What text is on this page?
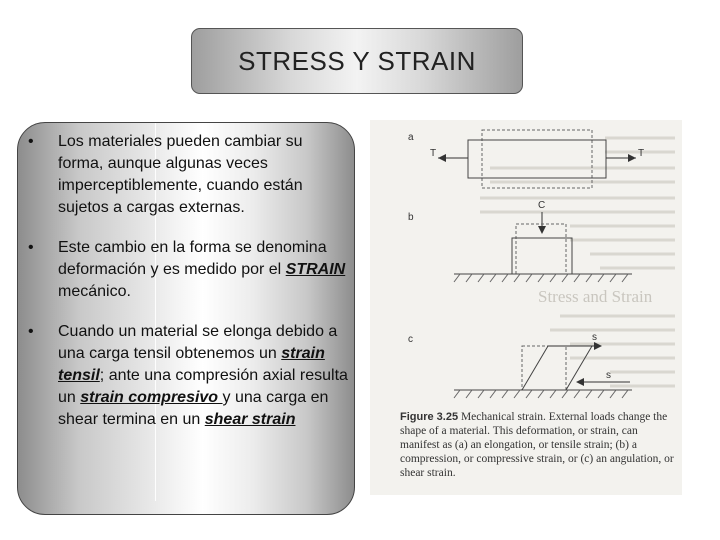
STRESS Y STRAIN
• Los materiales pueden cambiar su forma, aunque algunas veces imperceptiblemente, cuando están sujetos a cargas externas.
• Este cambio en la forma se denomina deformación y es medido por el STRAIN mecánico.
• Cuando un material se elonga debido a una carga tensil obtenemos un strain tensil; ante una compresión axial resulta un strain compresivo y una carga en shear termina en un shear strain
Stress and Strain
a
T	T
b
C
c	s
s
Figure 3.25 Mechanical strain. External loads change the shape of a material. This deformation, or strain, can manifest as (a) an elongation, or tensile strain; (b) a compression, or compressive strain, or (c) an angulation, or shear strain.
